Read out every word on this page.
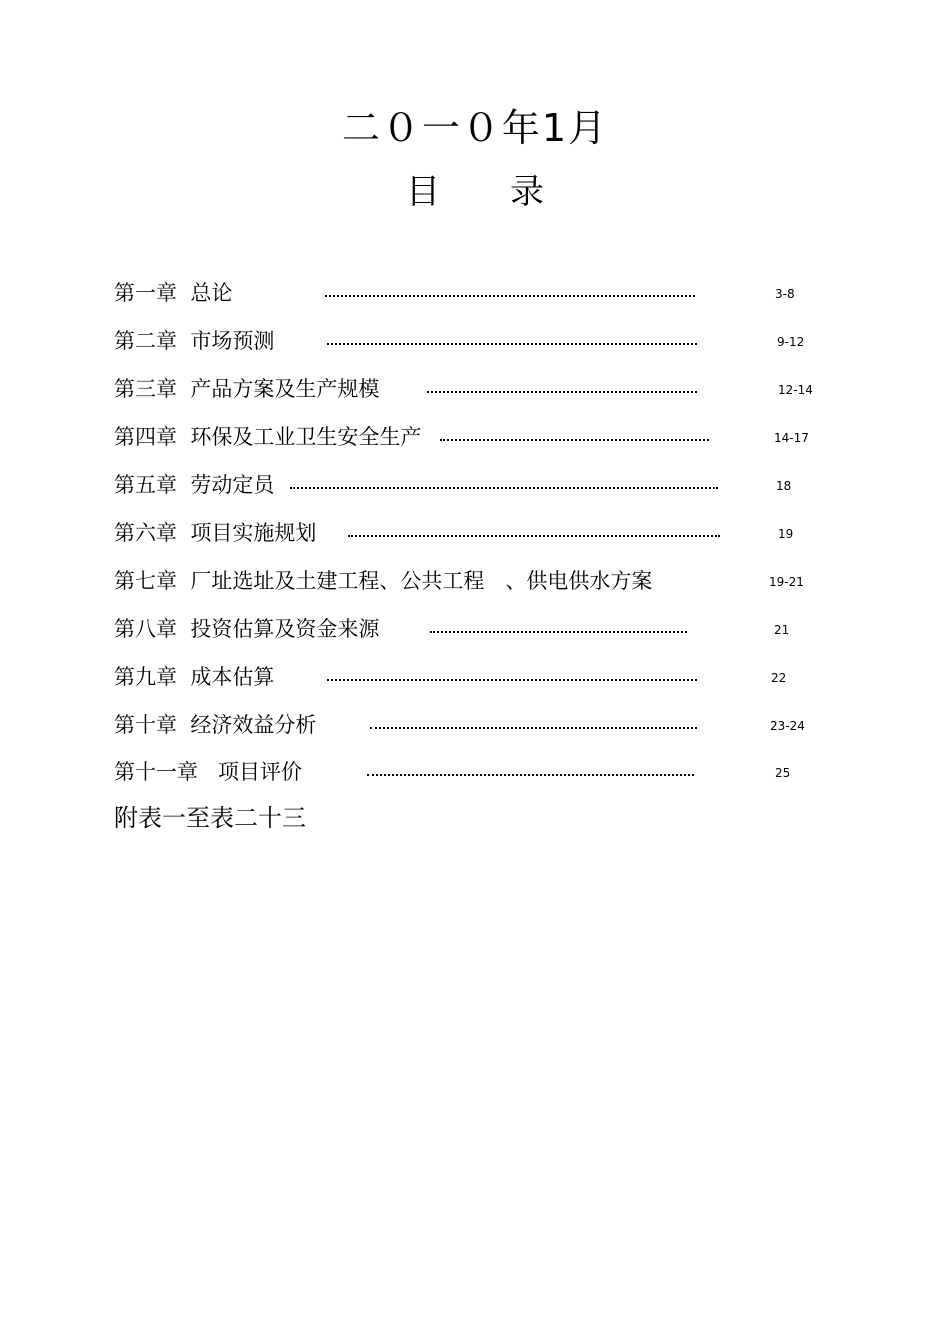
二０一０年1月
目录
第一章 总论	3-8
第二章 市场预测	9-12
第三章 产品方案及生产规模	12-14
第四章 环保及工业卫生安全生产	14-17
第五章 劳动定员	18
第六章 项目实施规划	19
第七章 厂址选址及土建工程、公共工程　、供电供水方案	19-21
第八章 投资估算及资金来源	21
第九章 成本估算	22
第十章 经济效益分析	23-24
第十一章 项目评价	25
附表一至表二十三
